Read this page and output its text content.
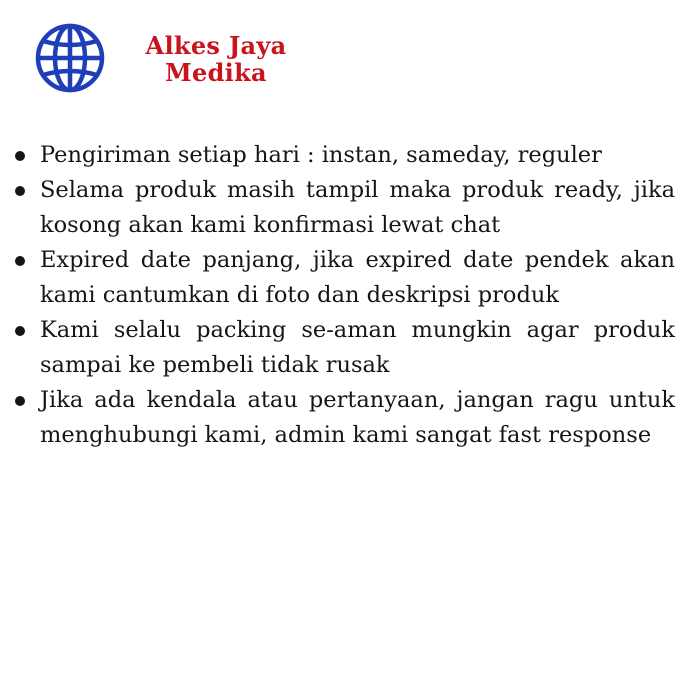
Alkes Jaya
Medika
Pengiriman setiap hari : instan, sameday, reguler
Selama produk masih tampil maka produk ready, jika kosong akan kami konfirmasi lewat chat
Expired date panjang, jika expired date pendek akan kami cantumkan di foto dan deskripsi produk
Kami selalu packing se-aman mungkin agar produk sampai ke pembeli tidak rusak
Jika ada kendala atau pertanyaan, jangan ragu untuk menghubungi kami, admin kami sangat fast response
